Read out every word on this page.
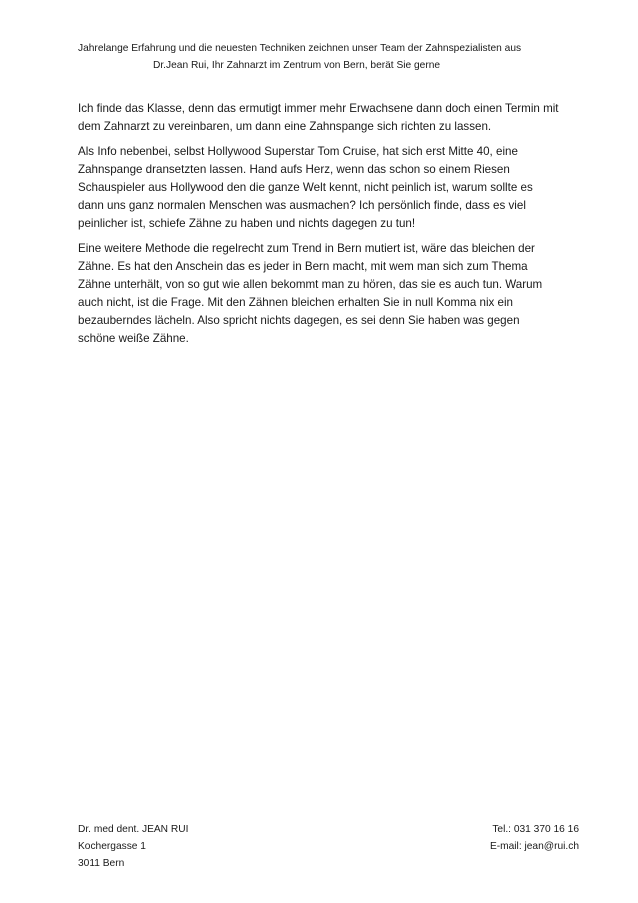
Jahrelange Erfahrung und die neuesten Techniken zeichnen unser Team der Zahnspezialisten aus
Dr.Jean Rui, Ihr Zahnarzt im Zentrum von Bern, berät Sie gerne

Ich finde das Klasse, denn das ermutigt immer mehr Erwachsene dann doch einen Termin mit dem Zahnarzt zu vereinbaren, um dann eine Zahnspange sich richten zu lassen.

Als Info nebenbei, selbst Hollywood Superstar Tom Cruise, hat sich erst Mitte 40, eine Zahnspange dransetzten lassen. Hand aufs Herz, wenn das schon so einem Riesen Schauspieler aus Hollywood den die ganze Welt kennt, nicht peinlich ist, warum sollte es dann uns ganz normalen Menschen was ausmachen? Ich persönlich finde, dass es viel peinlicher ist, schiefe Zähne zu haben und nichts dagegen zu tun!

Eine weitere Methode die regelrecht zum Trend in Bern mutiert ist, wäre das bleichen der Zähne. Es hat den Anschein das es jeder in Bern macht, mit wem man sich zum Thema Zähne unterhält, von so gut wie allen bekommt man zu hören, das sie es auch tun. Warum auch nicht, ist die Frage. Mit den Zähnen bleichen erhalten Sie in null Komma nix ein bezauberndes lächeln. Also spricht nichts dagegen, es sei denn Sie haben was gegen schöne weiße Zähne.

Dr. med dent. JEAN RUI
Kochergasse 1
3011 Bern
Tel.: 031 370 16 16
E-mail: jean@rui.ch
